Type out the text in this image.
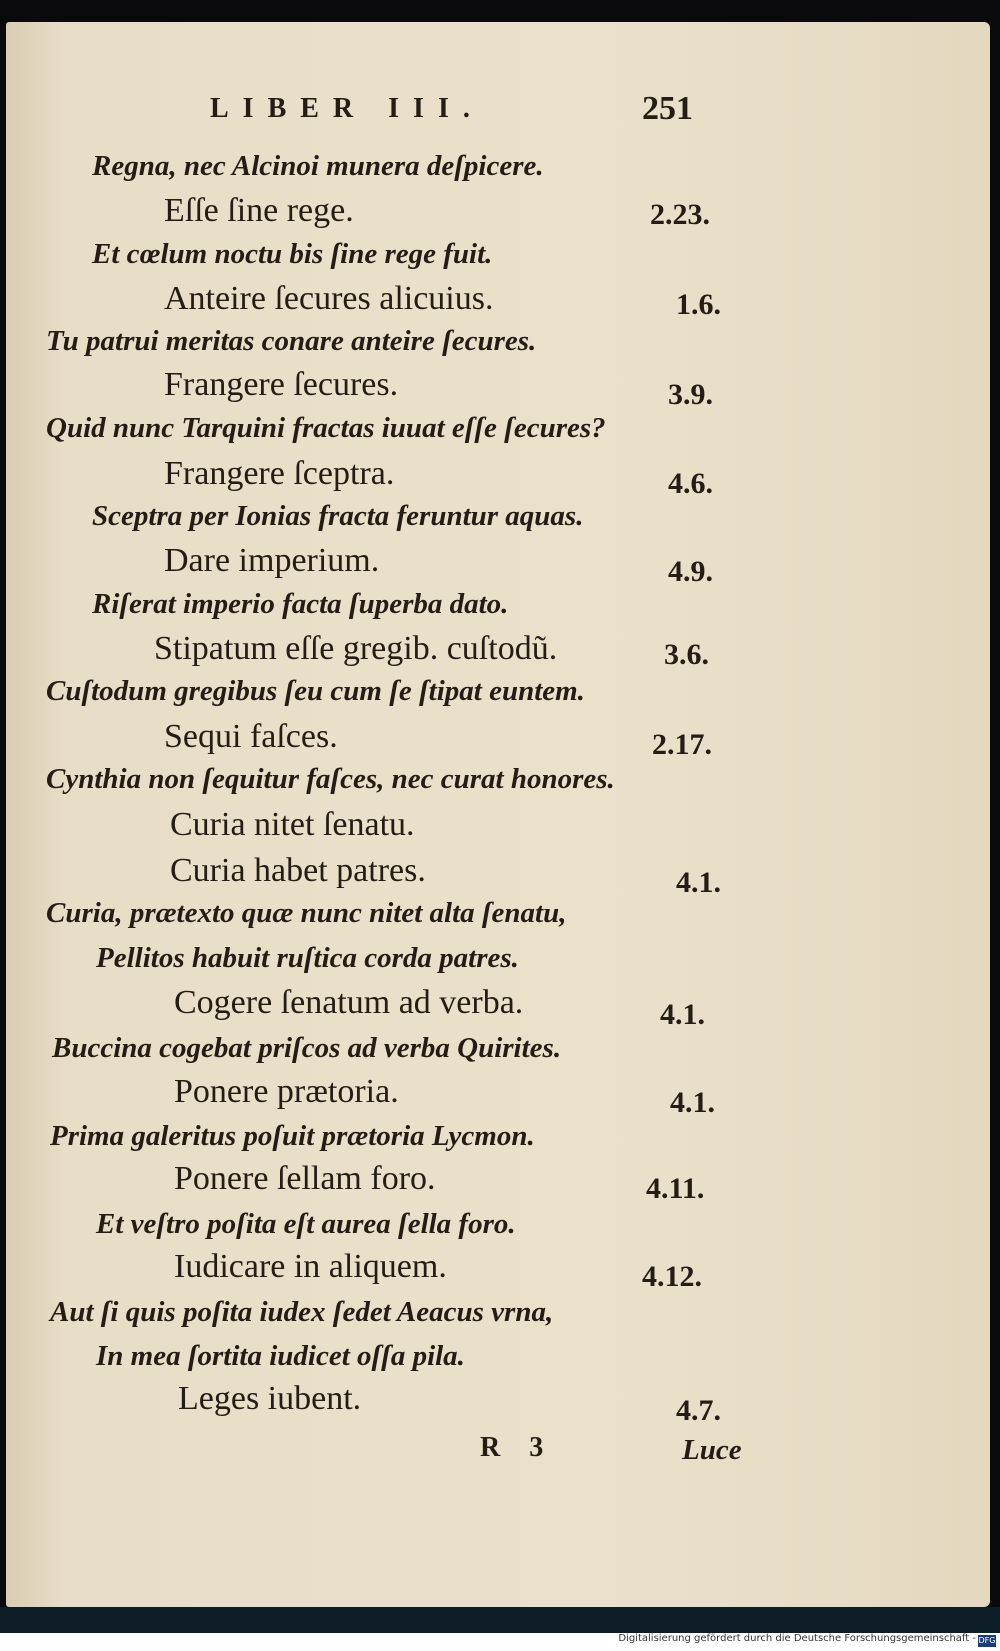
LIBER III.	251
Regna, nec Alcinoi munera deſpicere.
Eſſe ſine rege.	2.23.
Et cœlum noctu bis ſine rege fuit.
Anteire ſecures alicuius.	1.6.
Tu patrui meritas conare anteire ſecures.
Frangere ſecures.	3.9.
Quid nunc Tarquini fractas iuuat eſſe ſecures?
Frangere ſceptra.	4.6.
Sceptra per Ionias fracta feruntur aquas.
Dare imperium.	4.9.
Riſerat imperio facta ſuperba dato.
Stipatum eſſe gregib. cuſtodũ.	3.6.
Cuſtodum gregibus ſeu cum ſe ſtipat euntem.
Sequi faſces.	2.17.
Cynthia non ſequitur faſces, nec curat honores.
Curia nitet ſenatu.
Curia habet patres.	4.1.
Curia, prætexto quæ nunc nitet alta ſenatu,
Pellitos habuit ruſtica corda patres.
Cogere ſenatum ad verba.	4.1.
Buccina cogebat priſcos ad verba Quirites.
Ponere prætoria.	4.1.
Prima galeritus poſuit prætoria Lycmon.
Ponere ſellam foro.	4.11.
Et veſtro poſita eſt aurea ſella foro.
Iudicare in aliquem.	4.12.
Aut ſi quis poſita iudex ſedet Aeacus vrna,
In mea ſortita iudicet oſſa pila.
Leges iubent.	4.7.
R 3	Luce
Digitalisierung gefördert durch die Deutsche Forschungsgemeinschaft - DFG
